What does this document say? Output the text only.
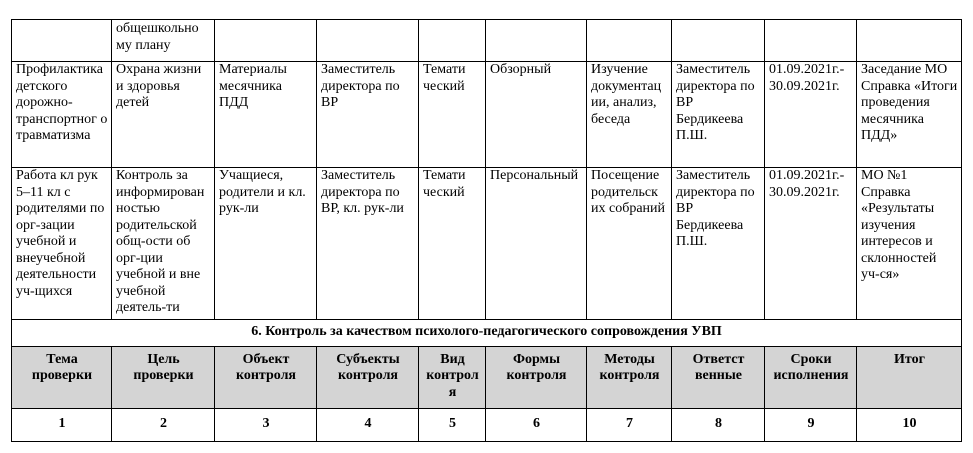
	общешкольно му плану								
Профилактика детского дорожно-транспортног о травматизма	Охрана жизни и здоровья детей	Материалы месячника ПДД	Заместитель директора по ВР	Темати ческий	Обзорный	Изучение документац ии, анализ, беседа	Заместитель директора по ВР Бердикеева П.Ш.	01.09.2021г.- 30.09.2021г.	Заседание МО Справка «Итоги проведения месячника ПДД»
Работа кл рук 5–11 кл с родителями по орг-зации учебной и внеучебной деятельности уч-щихся	Контроль за информирован ностью родительской общ-ости об орг-ции учебной и вне учебной деятель-ти	Учащиеся, родители и кл. рук-ли	Заместитель директора по ВР, кл. рук-ли	Темати ческий	Персональный	Посещение родительск их собраний	Заместитель директора по ВР Бердикеева П.Ш.	01.09.2021г.- 30.09.2021г.	МО №1 Справка «Результаты изучения интересов и склонностей уч-ся»
6. Контроль за качеством психолого-педагогического сопровождения УВП									
Тема проверки	Цель проверки	Объект контроля	Субъекты контроля	Вид контроля	Формы контроля	Методы контроля	Ответст венные	Сроки исполнения	Итог
1	2	3	4	5	6	7	8	9	10
